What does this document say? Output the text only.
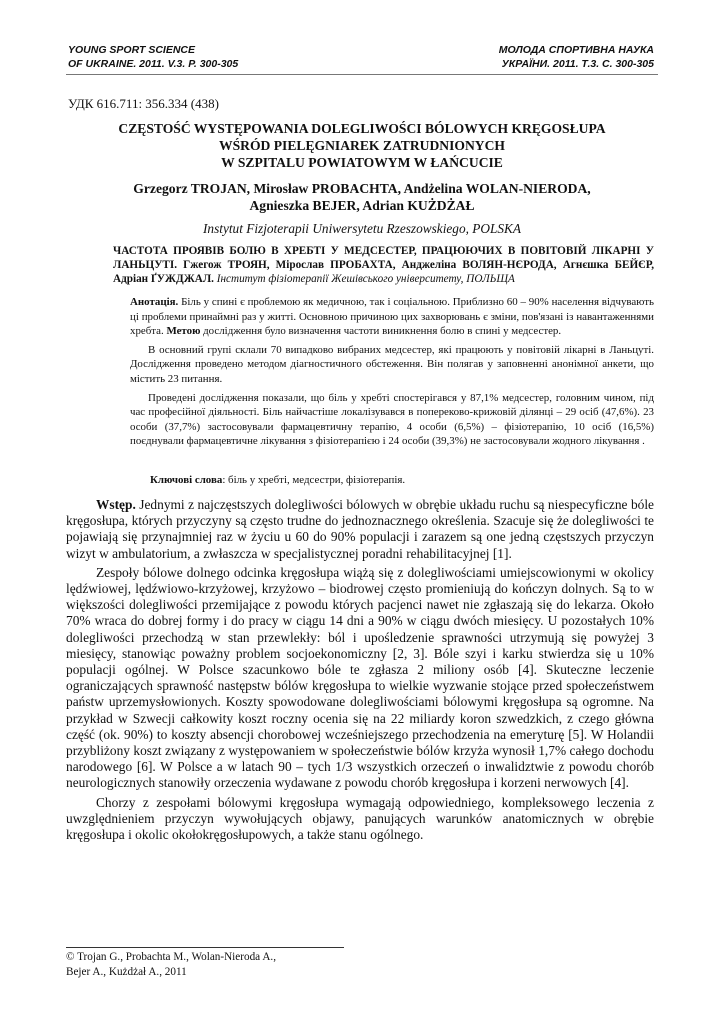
YOUNG SPORT SCIENCE
OF UKRAINE. 2011. V.3. P. 300-305
МОЛОДА СПОРТИВНА НАУКА
УКРАЇНИ. 2011. Т.3. С. 300-305
УДК 616.711: 356.334 (438)
CZĘSTOŚĆ WYSTĘPOWANIA DOLEGLIWOŚCI BÓLOWYCH KRĘGOSŁUPA
WŚRÓD PIELĘGNIAREK ZATRUDNIONYCH
W SZPITALU POWIATOWYM W ŁAŃCUCIE
Grzegorz TROJAN, Mirosław PROBACHTA, Andżelina WOLAN-NIERODA,
Agnieszka BEJER, Adrian KUŻDŻAŁ
Instytut Fizjoterapii Uniwersytetu Rzeszowskiego, POLSKA
ЧАСТОТА ПРОЯВІВ БОЛЮ В ХРЕБТІ У МЕДСЕСТЕР, ПРАЦЮЮЧИХ В ПОВІТОВІЙ ЛІКАРНІ У ЛАНЬЦУТІ. Гжегож ТРОЯН, Мірослав ПРОБАХТА, Анджеліна ВОЛЯН-НЄРОДА, Агнєшка БЕЙЄР, Адріан ҐУЖДЖАЛ. Інститут фізіотерапії Жешівського університету, ПОЛЬЩА

Анотація. Біль у спині є проблемою як медичною, так і соціальною. Приблизно 60 – 90% населення відчувають ці проблеми принаймні раз у житті. Основною причиною цих захворювань є зміни, пов'язані із навантаженнями хребта. Метою дослідження було визначення частоти виникнення болю в спині у медсестер.

В основний групі склали 70 випадково вибраних медсестер, які працюють у повітовій лікарні в Ланьцуті. Дослідження проведено методом діагностичного обстеження. Він полягав у заповненні анонімної анкети, що містить 23 питання.

Проведені дослідження показали, що біль у хребті спостерігався у 87,1% медсестер, головним чином, під час професійної діяльності. Біль найчастіше локалізувався в попереково-крижовій ділянці – 29 осіб (47,6%). 23 особи (37,7%) застосовували фармацевтичну терапію, 4 особи (6,5%) – фізіотерапію, 10 осіб (16,5%) поєднували фармацевтичне лікування з фізіотерапією і 24 особи (39,3%) не застосовували жодного лікування .

Ключові слова: біль у хребті, медсестри, фізіотерапія.

Wstęp. Jednymi z najczęstszych dolegliwości bólowych w obrębie układu ruchu są niespecyficzne bóle kręgosłupa, których przyczyny są często trudne do jednoznacznego określenia. Szacuje się że dolegliwości te pojawiają się przynajmniej raz w życiu u 60 do 90% populacji i zarazem są one jedną częstszych przyczyn wizyt w ambulatorium, a zwłaszcza w specjalistycznej poradni rehabilitacyjnej [1].

Zespoły bólowe dolnego odcinka kręgosłupa wiążą się z dolegliwościami umiejscowionymi w okolicy lędźwiowej, lędźwiowo-krzyżowej, krzyżowo – biodrowej często promieniują do kończyn dolnych. Są to w większości dolegliwości przemijające z powodu których pacjenci nawet nie zgłaszają się do lekarza. Około 70% wraca do dobrej formy i do pracy w ciągu 14 dni a 90% w ciągu dwóch miesięcy. U pozostałych 10% dolegliwości przechodzą w stan przewlekły: ból i upośledzenie sprawności utrzymują się powyżej 3 miesięcy, stanowiąc poważny problem socjoekonomiczny [2, 3]. Bóle szyi i karku stwierdza się u 10% populacji ogólnej. W Polsce szacunkowo bóle te zgłasza 2 miliony osób [4]. Skuteczne leczenie ograniczających sprawność następstw bólów kręgosłupa to wielkie wyzwanie stojące przed społeczeństwem państw uprzemysłowionych. Koszty spowodowane dolegliwościami bólowymi kręgosłupa są ogromne. Na przykład w Szwecji całkowity koszt roczny ocenia się na 22 miliardy koron szwedzkich, z czego główna część (ok. 90%) to koszty absencji chorobowej wcześniejszego przechodzenia na emeryturę [5]. W Holandii przybliżony koszt związany z występowaniem w społeczeństwie bólów krzyża wynosił 1,7% całego dochodu narodowego [6]. W Polsce a w latach 90 – tych 1/3 wszystkich orzeczeń o inwalidztwie z powodu chorób neurologicznych stanowiły orzeczenia wydawane z powodu chorób kręgosłupa i korzeni nerwowych [4].

Chorzy z zespołami bólowymi kręgosłupa wymagają odpowiedniego, kompleksowego leczenia z uwzględnieniem przyczyn wywołujących objawy, panujących warunków anatomicznych w obrębie kręgosłupa i okolic okołokręgosłupowych, a także stanu ogólnego.

© Trojan G., Probachta M., Wolan-Nieroda A.,
Bejer A., Kużdżał A., 2011
